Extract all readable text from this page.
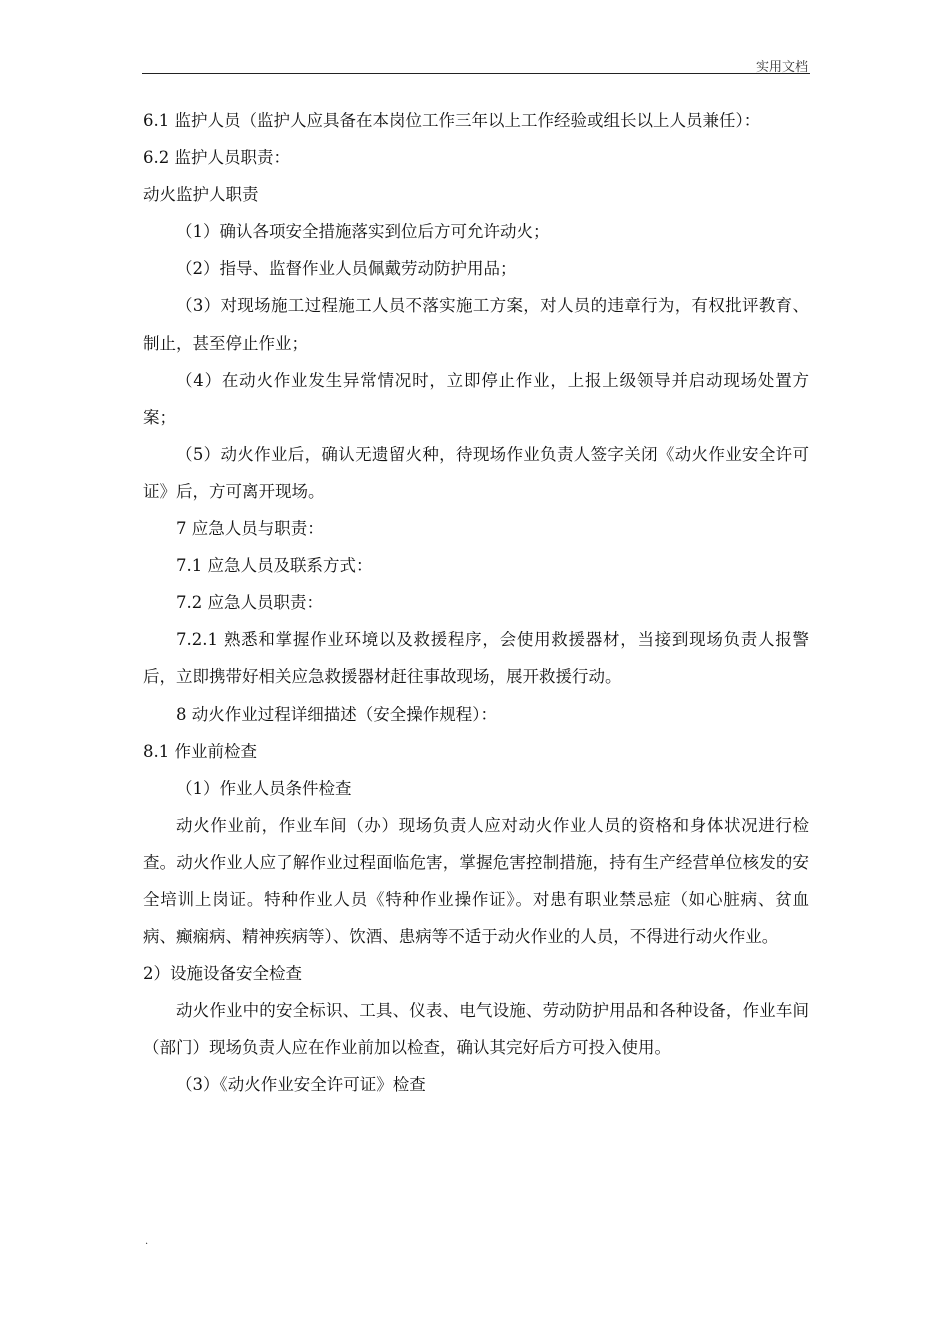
实用文档

6.1 监护人员（监护人应具备在本岗位工作三年以上工作经验或组长以上人员兼任）：

6.2 监护人员职责：

动火监护人职责

（1）确认各项安全措施落实到位后方可允许动火；

（2）指导、监督作业人员佩戴劳动防护用品；

（3）对现场施工过程施工人员不落实施工方案，对人员的违章行为，有权批评教育、制止，甚至停止作业；

（4）在动火作业发生异常情况时，立即停止作业，上报上级领导并启动现场处置方案；

（5）动火作业后，确认无遗留火种，待现场作业负责人签字关闭《动火作业安全许可证》后，方可离开现场。

7 应急人员与职责：

7.1 应急人员及联系方式：

7.2 应急人员职责：

7.2.1 熟悉和掌握作业环境以及救援程序，会使用救援器材，当接到现场负责人报警后，立即携带好相关应急救援器材赶往事故现场，展开救援行动。

8 动火作业过程详细描述（安全操作规程）：

8.1 作业前检查

（1）作业人员条件检查

动火作业前，作业车间（办）现场负责人应对动火作业人员的资格和身体状况进行检查。动火作业人应了解作业过程面临危害，掌握危害控制措施，持有生产经营单位核发的安全培训上岗证。特种作业人员《特种作业操作证》。对患有职业禁忌症（如心脏病、贫血病、癫痫病、精神疾病等）、饮酒、患病等不适于动火作业的人员，不得进行动火作业。

2）设施设备安全检查

动火作业中的安全标识、工具、仪表、电气设施、劳动防护用品和各种设备，作业车间（部门）现场负责人应在作业前加以检查，确认其完好后方可投入使用。

（3）《动火作业安全许可证》检查

.
